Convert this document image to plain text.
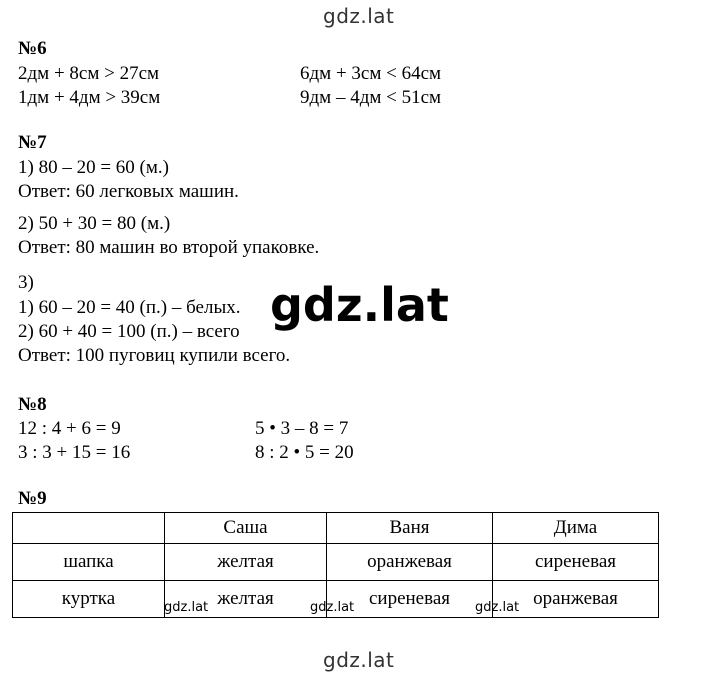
gdz.lat
№6
2дм + 8см > 27см
1дм + 4дм > 39см
6дм + 3см < 64см
9дм – 4дм < 51см
№7
1) 80 – 20 = 60 (м.)
Ответ: 60 легковых машин.
2) 50 + 30 = 80 (м.)
Ответ: 80 машин во второй упаковке.
3)
1) 60 – 20 = 40 (п.) – белых.
2) 60 + 40 = 100 (п.) – всего
Ответ: 100 пуговиц купили всего.
gdz.lat
№8
12 : 4 + 6 = 9
3 : 3 + 15 = 16
5 • 3 – 8 = 7
8 : 2 • 5 = 20
№9
	Саша	Ваня	Дима
шапка	желтая	оранжевая	сиреневая
куртка	желтая	сиреневая	оранжевая
gdz.lat	gdz.lat	gdz.lat
gdz.lat
